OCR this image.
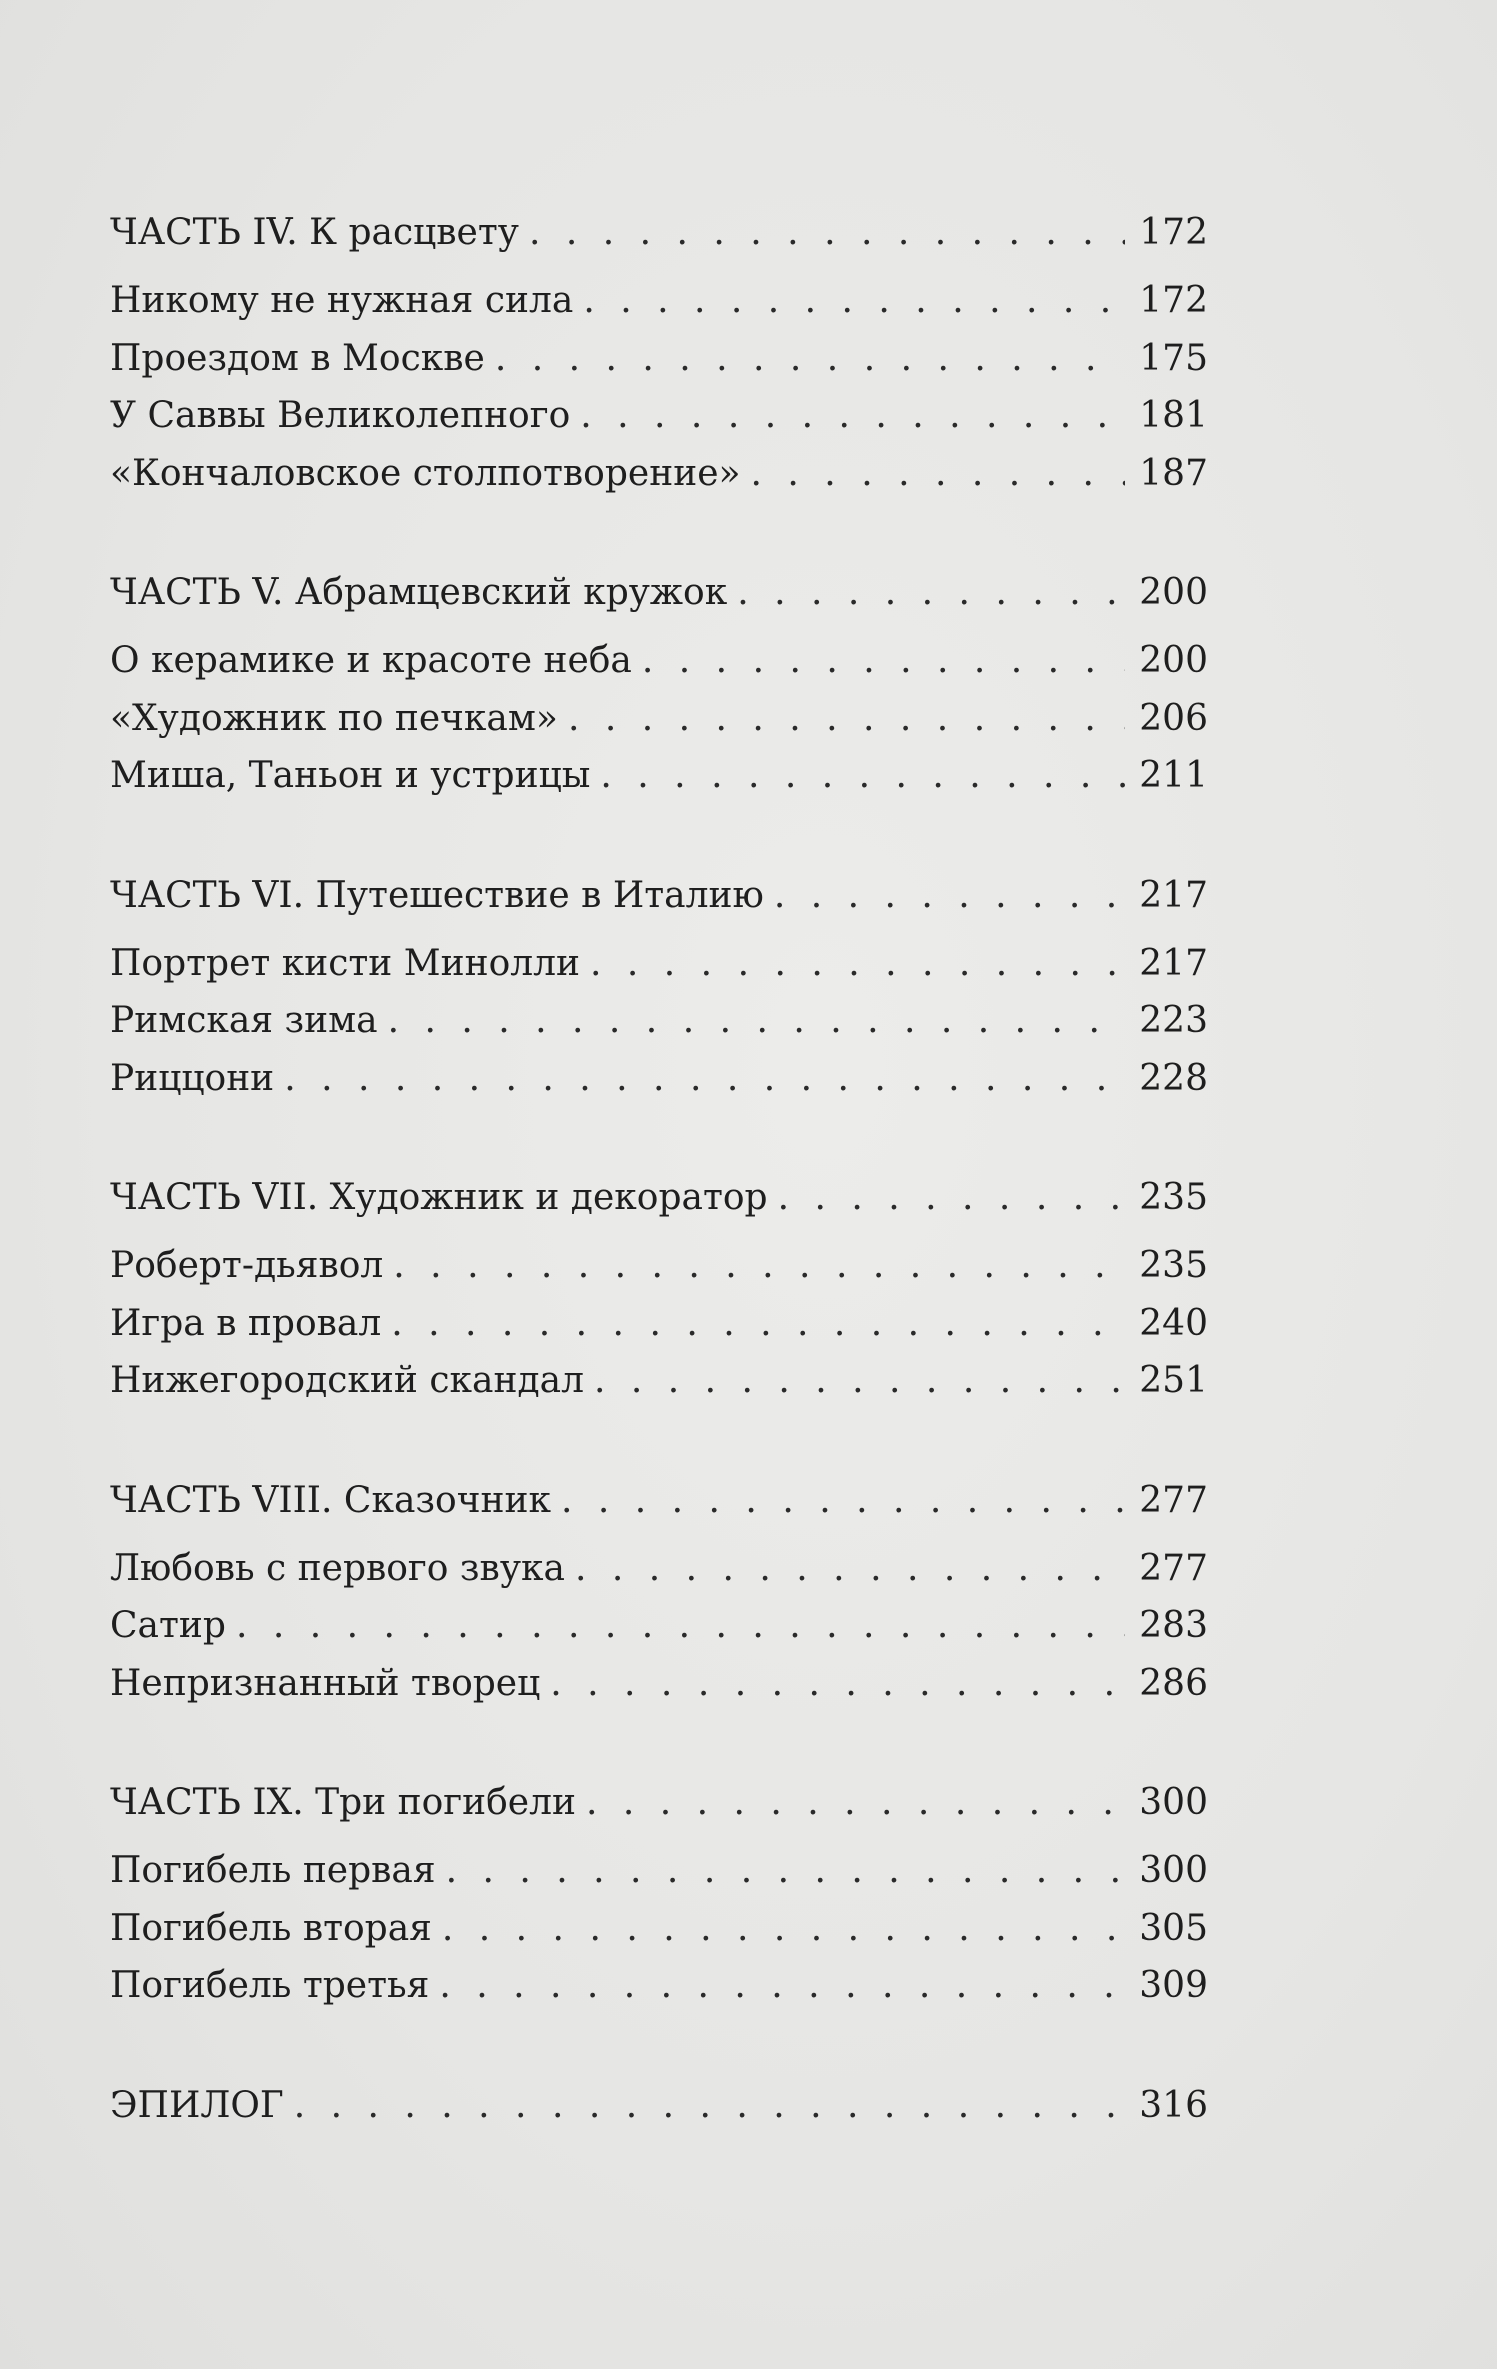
ЧАСТЬ IV. К расцвету . . .	172
Никому не нужная сила . . .	172
Проездом в Москве . . .	175
У Саввы Великолепного . . .	181
«Кончаловское столпотворение» . . .	187
ЧАСТЬ V. Абрамцевский кружок . . .	200
О керамике и красоте неба . . .	200
«Художник по печкам» . . .	206
Миша, Таньон и устрицы . . .	211
ЧАСТЬ VI. Путешествие в Италию . . .	217
Портрет кисти Минолли . . .	217
Римская зима . . .	223
Риццони . . .	228
ЧАСТЬ VII. Художник и декоратор . . .	235
Роберт-дьявол . . .	235
Игра в провал . . .	240
Нижегородский скандал . . .	251
ЧАСТЬ VIII. Сказочник . . .	277
Любовь с первого звука . . .	277
Сатир . . .	283
Непризнанный творец . . .	286
ЧАСТЬ IX. Три погибели . . .	300
Погибель первая . . .	300
Погибель вторая . . .	305
Погибель третья . . .	309
ЭПИЛОГ . . .	316
